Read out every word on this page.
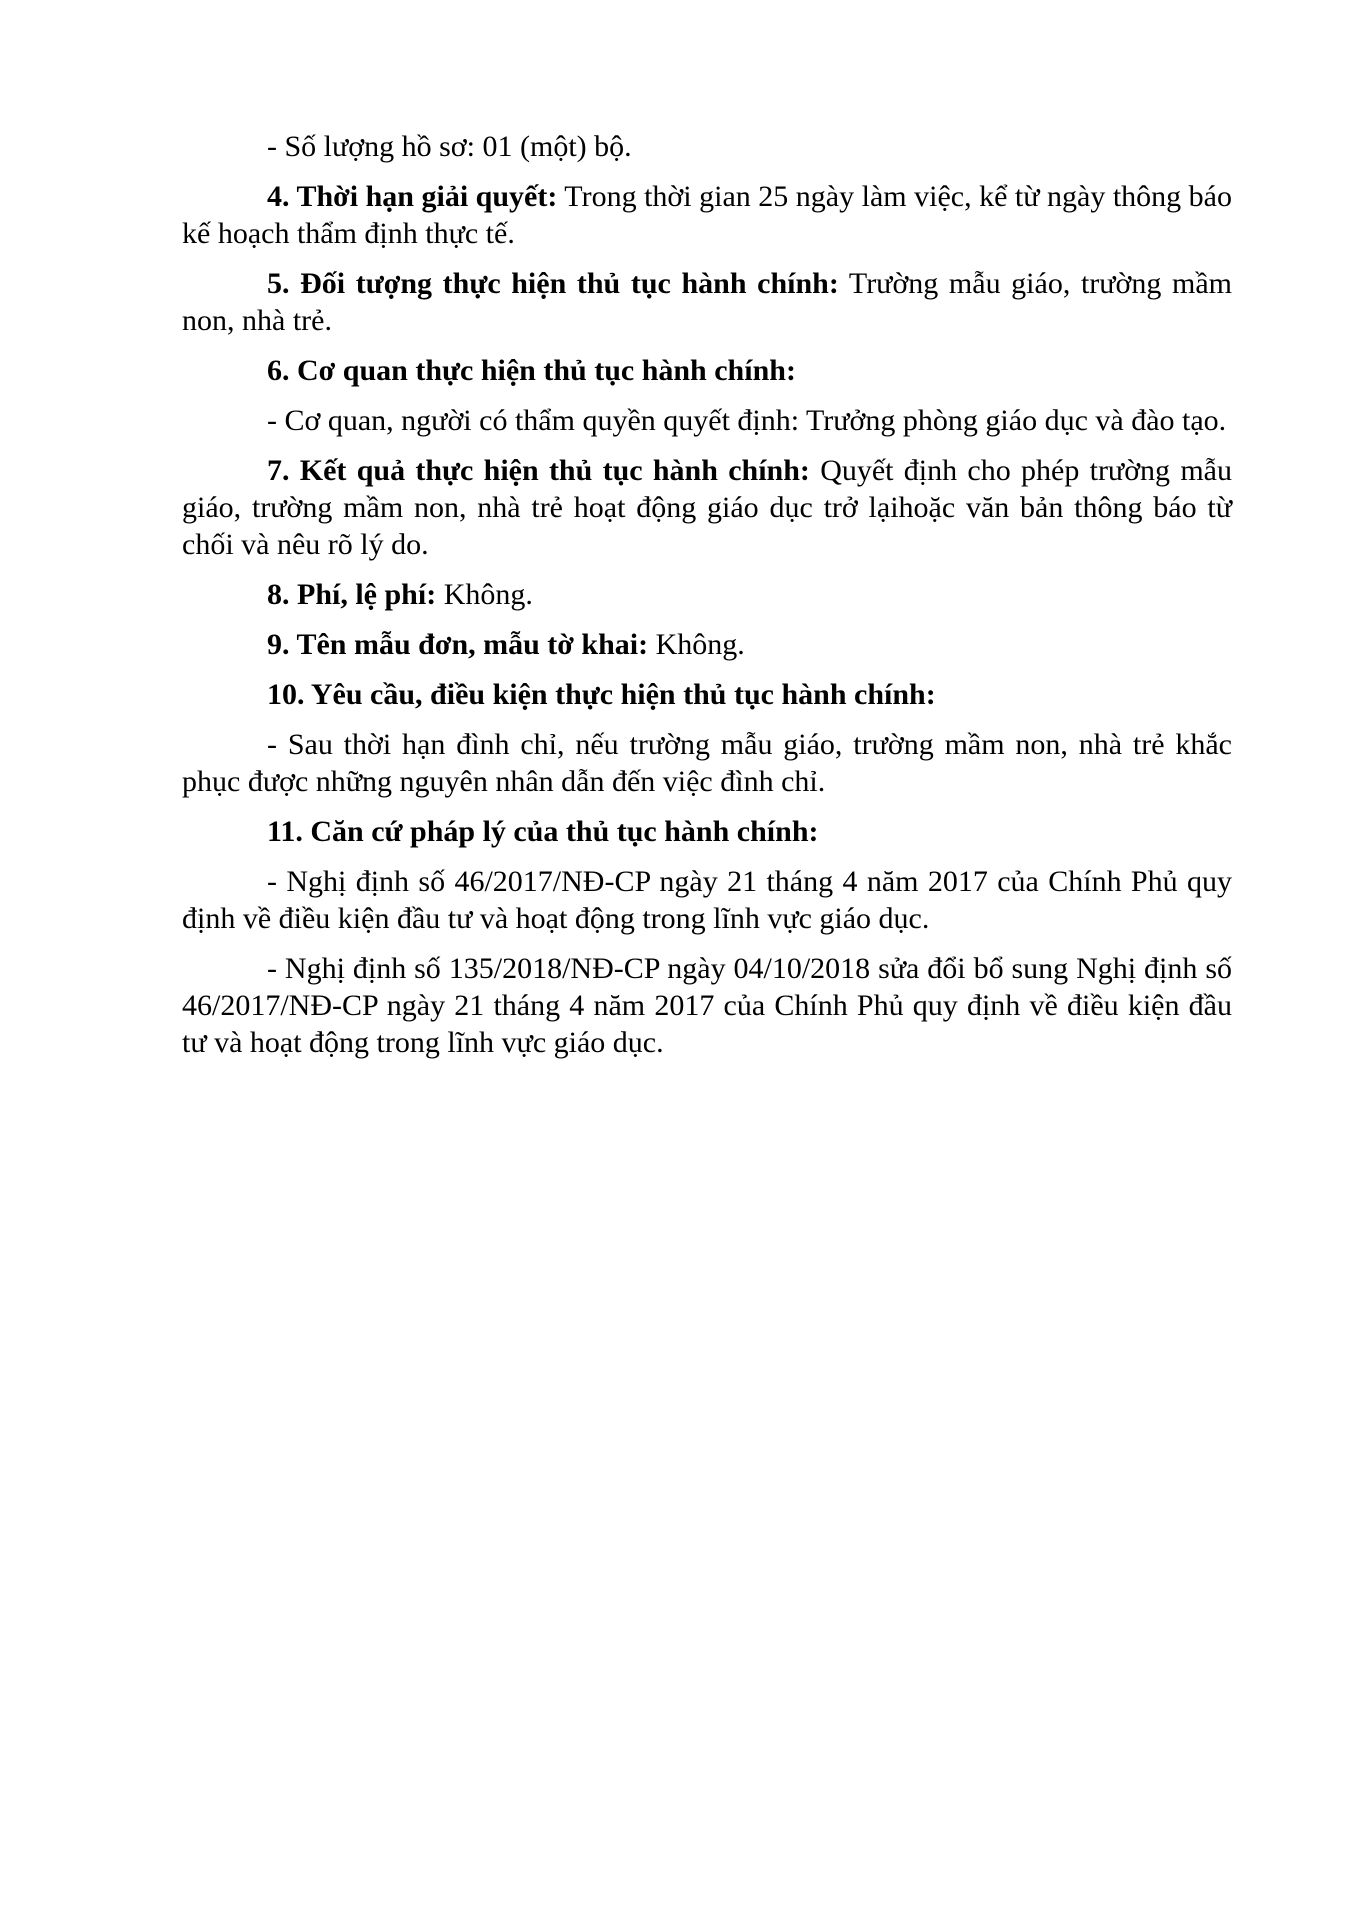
- Số lượng hồ sơ: 01 (một) bộ.

4. Thời hạn giải quyết: Trong thời gian 25 ngày làm việc, kể từ ngày thông báo kế hoạch thẩm định thực tế.

5. Đối tượng thực hiện thủ tục hành chính: Trường mẫu giáo, trường mầm non, nhà trẻ.

6. Cơ quan thực hiện thủ tục hành chính:

- Cơ quan, người có thẩm quyền quyết định: Trưởng phòng giáo dục và đào tạo.

7. Kết quả thực hiện thủ tục hành chính: Quyết định cho phép trường mẫu giáo, trường mầm non, nhà trẻ hoạt động giáo dục trở lạihoặc văn bản thông báo từ chối và nêu rõ lý do.

8. Phí, lệ phí: Không.

9. Tên mẫu đơn, mẫu tờ khai: Không.

10. Yêu cầu, điều kiện thực hiện thủ tục hành chính:

- Sau thời hạn đình chỉ, nếu trường mẫu giáo, trường mầm non, nhà trẻ khắc phục được những nguyên nhân dẫn đến việc đình chỉ.

11. Căn cứ pháp lý của thủ tục hành chính:

- Nghị định số 46/2017/NĐ-CP ngày 21 tháng 4 năm 2017 của Chính Phủ quy định về điều kiện đầu tư và hoạt động trong lĩnh vực giáo dục.

- Nghị định số 135/2018/NĐ-CP ngày 04/10/2018 sửa đổi bổ sung Nghị định số 46/2017/NĐ-CP ngày 21 tháng 4 năm 2017 của Chính Phủ quy định về điều kiện đầu tư và hoạt động trong lĩnh vực giáo dục.
